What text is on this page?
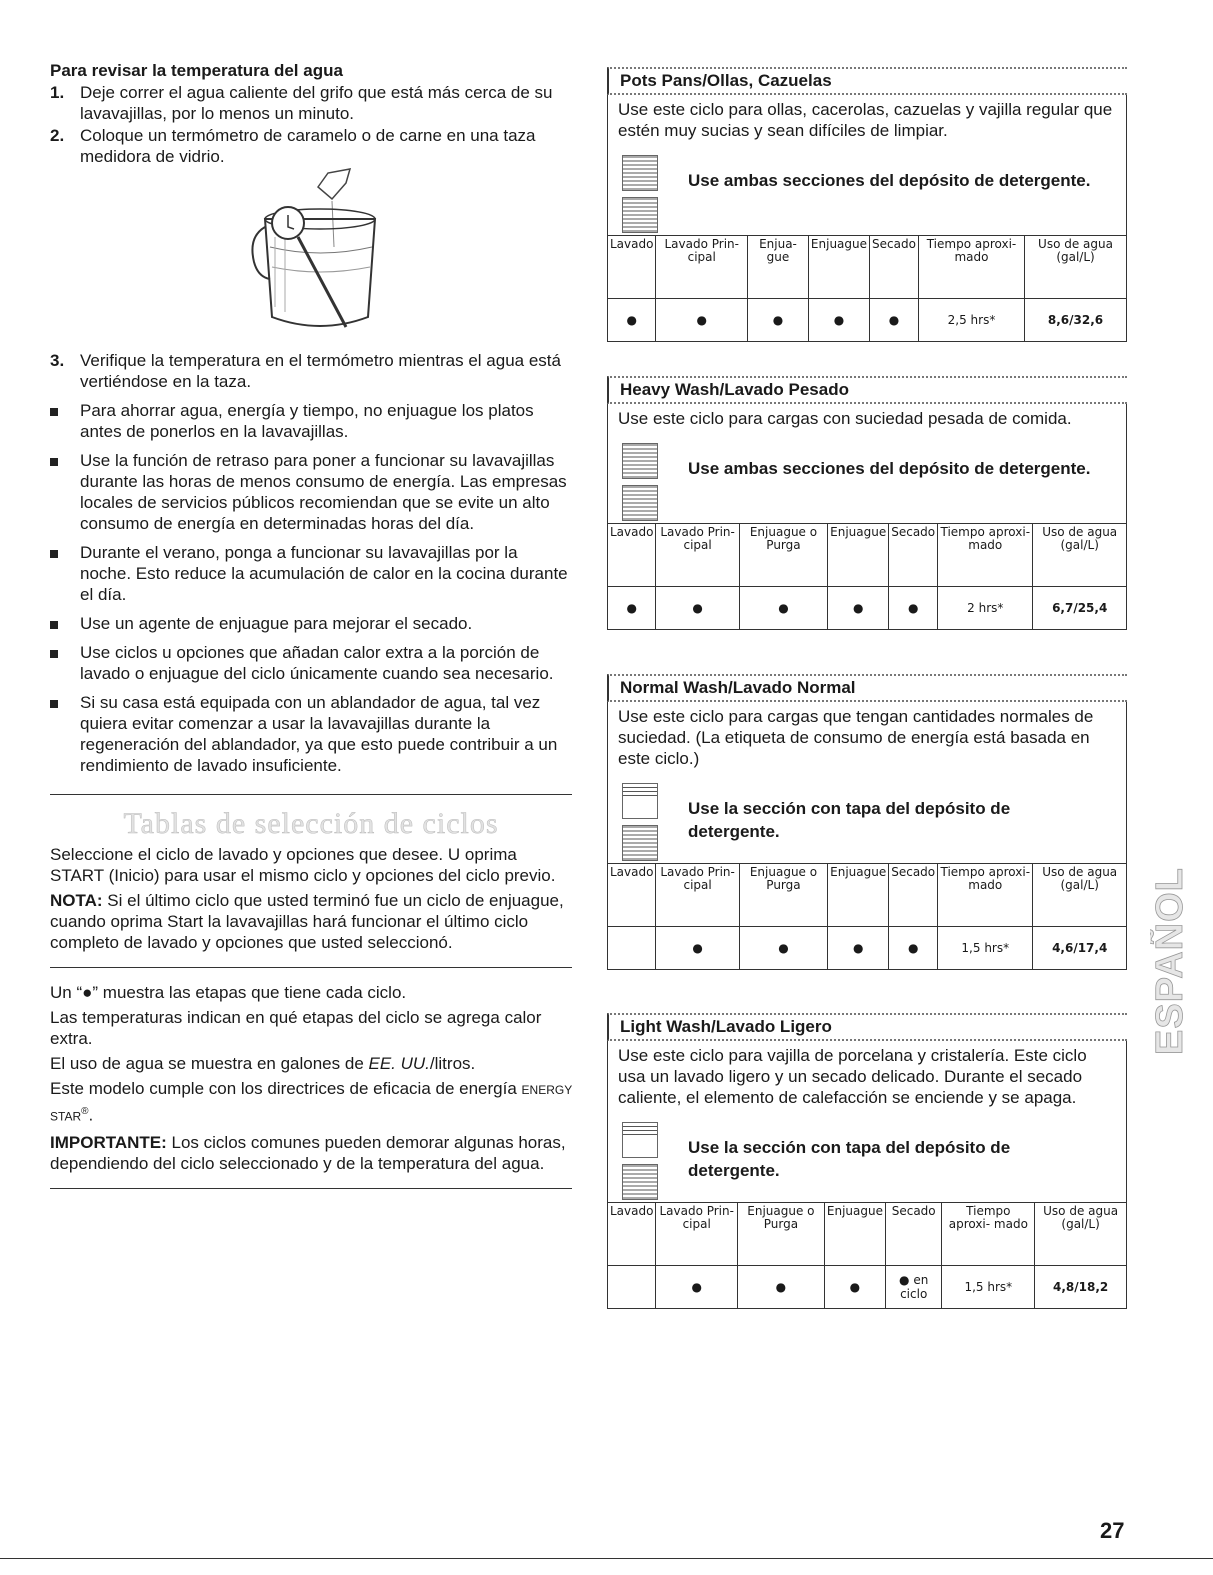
Para revisar la temperatura del agua
1. Deje correr el agua caliente del grifo que está más cerca de su lavavajillas, por lo menos un minuto.
2. Coloque un termómetro de caramelo o de carne en una taza medidora de vidrio.
3. Verifique la temperatura en el termómetro mientras el agua está vertiéndose en la taza.
Para ahorrar agua, energía y tiempo, no enjuague los platos antes de ponerlos en la lavavajillas.
Use la función de retraso para poner a funcionar su lavavajillas durante las horas de menos consumo de energía. Las empresas locales de servicios públicos recomiendan que se evite un alto consumo de energía en determinadas horas del día.
Durante el verano, ponga a funcionar su lavavajillas por la noche. Esto reduce la acumulación de calor en la cocina durante el día.
Use un agente de enjuague para mejorar el secado.
Use ciclos u opciones que añadan calor extra a la porción de lavado o enjuague del ciclo únicamente cuando sea necesario.
Si su casa está equipada con un ablandador de agua, tal vez quiera evitar comenzar a usar la lavavajillas durante la regeneración del ablandador, ya que esto puede contribuir a un rendimiento de lavado insuficiente.
Tablas de selección de ciclos

Seleccione el ciclo de lavado y opciones que desee. U oprima START (Inicio) para usar el mismo ciclo y opciones del ciclo previo.

NOTA: Si el último ciclo que usted terminó fue un ciclo de enjuague, cuando oprima Start la lavavajillas hará funcionar el último ciclo completo de lavado y opciones que usted seleccionó.

Un “●” muestra las etapas que tiene cada ciclo.

Las temperaturas indican en qué etapas del ciclo se agrega calor extra.

El uso de agua se muestra en galones de EE. UU./litros.

Este modelo cumple con los directrices de eficacia de energía ENERGY STAR®.

IMPORTANTE: Los ciclos comunes pueden demorar algunas horas, dependiendo del ciclo seleccionado y de la temperatura del agua.

Pots Pans/Ollas, Cazuelas
Use este ciclo para ollas, cacerolas, cazuelas y vajilla regular que estén muy sucias y sean difíciles de limpiar.
Use ambas secciones del depósito de detergente.
Lavado	Lavado Prin- cipal	Enjua- gue	Enjuague	Secado	Tiempo aproxi- mado	Uso de agua (gal/L)
●	●	●	●	●	2,5 hrs*	8,6/32,6
Heavy Wash/Lavado Pesado
Use este ciclo para cargas con suciedad pesada de comida.
Use ambas secciones del depósito de detergente.
Lavado	Lavado Prin- cipal	Enjuague o Purga	Enjuague	Secado	Tiempo aproxi- mado	Uso de agua (gal/L)
●	●	●	●	●	2 hrs*	6,7/25,4
Normal Wash/Lavado Normal
Use este ciclo para cargas que tengan cantidades normales de suciedad. (La etiqueta de consumo de energía está basada en este ciclo.)
Use la sección con tapa del depósito de detergente.
Lavado	Lavado Prin- cipal	Enjuague o Purga	Enjuague	Secado	Tiempo aproxi- mado	Uso de agua (gal/L)
	●	●	●	●	1,5 hrs*	4,6/17,4
Light Wash/Lavado Ligero
Use este ciclo para vajilla de porcelana y cristalería. Este ciclo usa un lavado ligero y un secado delicado. Durante el secado caliente, el elemento de calefacción se enciende y se apaga.
Use la sección con tapa del depósito de detergente.
Lavado	Lavado Prin- cipal	Enjuague o Purga	Enjuague	Secado	Tiempo aproxi- mado	Uso de agua (gal/L)
	●	●	●	● en ciclo	1,5 hrs*	4,8/18,2
ESPAÑOL
27
